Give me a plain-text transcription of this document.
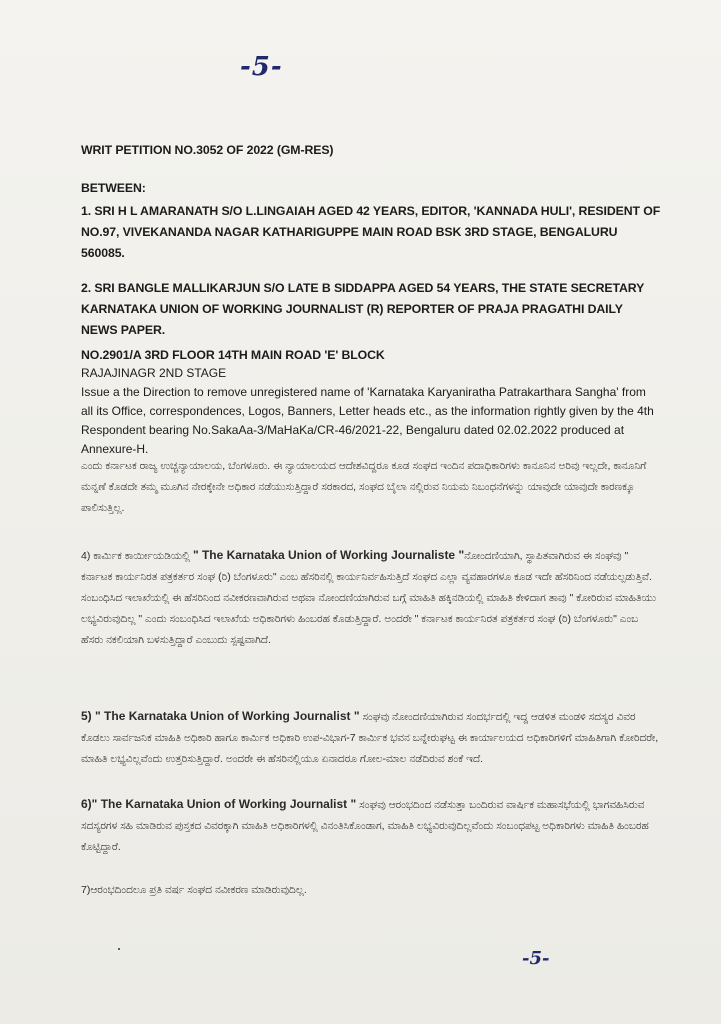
-5-
WRIT PETITION NO.3052 OF 2022 (GM-RES)
BETWEEN:
1. SRI H L AMARANATH S/O L.LINGAIAH AGED 42 YEARS, EDITOR, 'KANNADA HULI', RESIDENT OF NO.97, VIVEKANANDA NAGAR KATHARIGUPPE MAIN ROAD BSK 3RD STAGE, BENGALURU 560085.
2. SRI BANGLE MALLIKARJUN S/O LATE B SIDDAPPA AGED 54 YEARS, THE STATE SECRETARY KARNATAKA UNION OF WORKING JOURNALIST (R) REPORTER OF PRAJA PRAGATHI DAILY NEWS PAPER.
NO.2901/A 3RD FLOOR 14TH MAIN ROAD 'E' BLOCK
RAJAJINAGR 2ND STAGE
Issue a the Direction to remove unregistered name of 'Karnataka Karyaniratha Patrakarthara Sangha' from all its Office, correspondences, Logos, Banners, Letter heads etc., as the information rightly given by the 4th Respondent bearing No.SakaAa-3/MaHaKa/CR-46/2021-22, Bengaluru dated 02.02.2022 produced at Annexure-H.
ಎಂದು ಕರ್ನಾಟಕ ರಾಜ್ಯ ಉಚ್ಚನ್ಯಾಯಾಲಯ, ಬೆಂಗಳೂರು. ಈ ನ್ಯಾಯಾಲಯದ ಆದೇಶವಿದ್ದರೂ ಕೂಡ ಸಂಘದ ಇಂದಿನ ಪದಾಧಿಕಾರಿಗಳು ಕಾನೂನಿನ ಅರಿವು ಇಲ್ಲದೇ, ಕಾನೂನಿಗೆ ಮನ್ನಣೆ ಕೊಡದೇ ತಮ್ಮ ಮೂಗಿನ ನೇರಕ್ಕೇನೇ ಅಧಿಕಾರ ನಡೆಯುಸುತ್ತಿದ್ದಾರೆ ಸರಕಾರದ, ಸಂಘದ ಬೈಲಾ ನಲ್ಲಿರುವ ನಿಯಮ ನಿಬಂಧನೆಗಳನ್ನು ಯಾವುದೇ ಯಾವುದೇ ಕಾರಣಕ್ಕೂ ಪಾಲಿಸುತ್ತಿಲ್ಲ.
4) ಕಾರ್ಮಿಕ ಕಾರ್ಯೀಯಡಿಯಲ್ಲಿ " The Karnataka Union of Working Journaliste "ನೋಂದಣಿಯಾಗಿ, ಸ್ಥಾಪಿತವಾಗಿರುವ ಈ ಸಂಘವು " ಕರ್ನಾಟಕ ಕಾರ್ಯನಿರತ ಪತ್ರಕರ್ತರ ಸಂಘ (ರಿ) ಬೆಂಗಳೂರು" ಎಂಬ ಹೆಸರಿನಲ್ಲಿ ಕಾರ್ಯನಿರ್ವಹಿಸುತ್ತಿದೆ ಸಂಘದ ಎಲ್ಲಾ ವ್ಯವಹಾರಗಳೂ ಕೂಡ ಇದೇ ಹೆಸರಿನಿಂದ ನಡೆಯಲ್ಪಡುತ್ತಿವೆ. ಸಂಬಂಧಿಸಿದ ಇಲಾಖೆಯಲ್ಲಿ ಈ ಹೆಸರಿನಿಂದ ನವೀಕರಣವಾಗಿರುವ ಅಥವಾ ನೋಂದಣಿಯಾಗಿರುವ ಬಗ್ಗೆ ಮಾಹಿತಿ ಹಕ್ಕಿನಡಿಯಲ್ಲಿ ಮಾಹಿತಿ ಕೇಳಿದಾಗ ತಾವು " ಕೋರಿರುವ ಮಾಹಿತಿಯು ಲಭ್ಯವಿರುವುದಿಲ್ಲ " ಎಂದು ಸಂಬಂಧಿಸಿದ ಇಲಾಖೆಯ ಅಧಿಕಾರಿಗಳು ಹಿಂಬರಹ ಕೊಡುತ್ತಿದ್ದಾರೆ. ಅಂದರೇ " ಕರ್ನಾಟಕ ಕಾರ್ಯನಿರತ ಪತ್ರಕರ್ತರ ಸಂಘ (ರಿ) ಬೆಂಗಳೂರು" ಎಂಬ ಹೆಸರು ನಕಲಿಯಾಗಿ ಬಳಸುತ್ತಿದ್ದಾರೆ ಎಂಬುದು ಸ್ಪಷ್ಟವಾಗಿದೆ.
5) " The Karnataka Union of Working Journalist " ಸಂಘವು ನೋಂದಣಿಯಾಗಿರುವ ಸಂದರ್ಭದಲ್ಲಿ ಇದ್ದ ಆಡಳಿತ ಮಂಡಳಿ ಸದಸ್ಯರ ವಿವರ ಕೊಡಲು ಸಾರ್ವಜನಿಕ ಮಾಹಿತಿ ಅಧಿಕಾರಿ ಹಾಗೂ ಕಾರ್ಮಿಕ ಅಧಿಕಾರಿ ಉಪ-ವಿಭಾಗ-7 ಕಾರ್ಮಿಕ ಭವನ ಬನ್ನೇರುಘಟ್ಟ ಈ ಕಾರ್ಯಾಲಯದ ಅಧಿಕಾರಿಗಳಿಗೆ ಮಾಹಿತಿಗಾಗಿ ಕೋರಿದರೇ, ಮಾಹಿತಿ ಲಭ್ಯವಿಲ್ಲವೆಂದು ಉತ್ತರಿಸುತ್ತಿದ್ದಾರೆ. ಅಂದರೇ ಈ ಹೆಸರಿನಲ್ಲಿಯೂ ಏನಾದರೂ ಗೋಲ-ಮಾಲ ನಡೆದಿರುವ ಶಂಕೆ ಇದೆ.
6)" The Karnataka Union of Working Journalist " ಸಂಘವು ಆರಂಭದಿಂದ ನಡೆಸುತ್ತಾ ಬಂದಿರುವ ವಾರ್ಷಿಕ ಮಹಾಸಭೆಯಲ್ಲಿ ಭಾಗವಹಿಸಿರುವ ಸದಸ್ಯರಗಳ ಸಹಿ ಮಾಡಿರುವ ಪುಸ್ತಕದ ವಿವರಕ್ಕಾಗಿ ಮಾಹಿತಿ ಅಧಿಕಾರಿಗಳಲ್ಲಿ ವಿನಂತಿಸಿಕೊಂಡಾಗ, ಮಾಹಿತಿ ಲಭ್ಯವಿರುವುದಿಲ್ಲವೆಂದು ಸಂಬಂಧಪಟ್ಟ ಅಧಿಕಾರಿಗಳು ಮಾಹಿತಿ ಹಿಂಬರಹ ಕೊಟ್ಟಿದ್ದಾರೆ.
7)ಆರಂಭದಿಂದಲೂ ಪ್ರತಿ ವರ್ಷ ಸಂಘದ ನವೀಕರಣ ಮಾಡಿರುವುದಿಲ್ಲ.
-5-
